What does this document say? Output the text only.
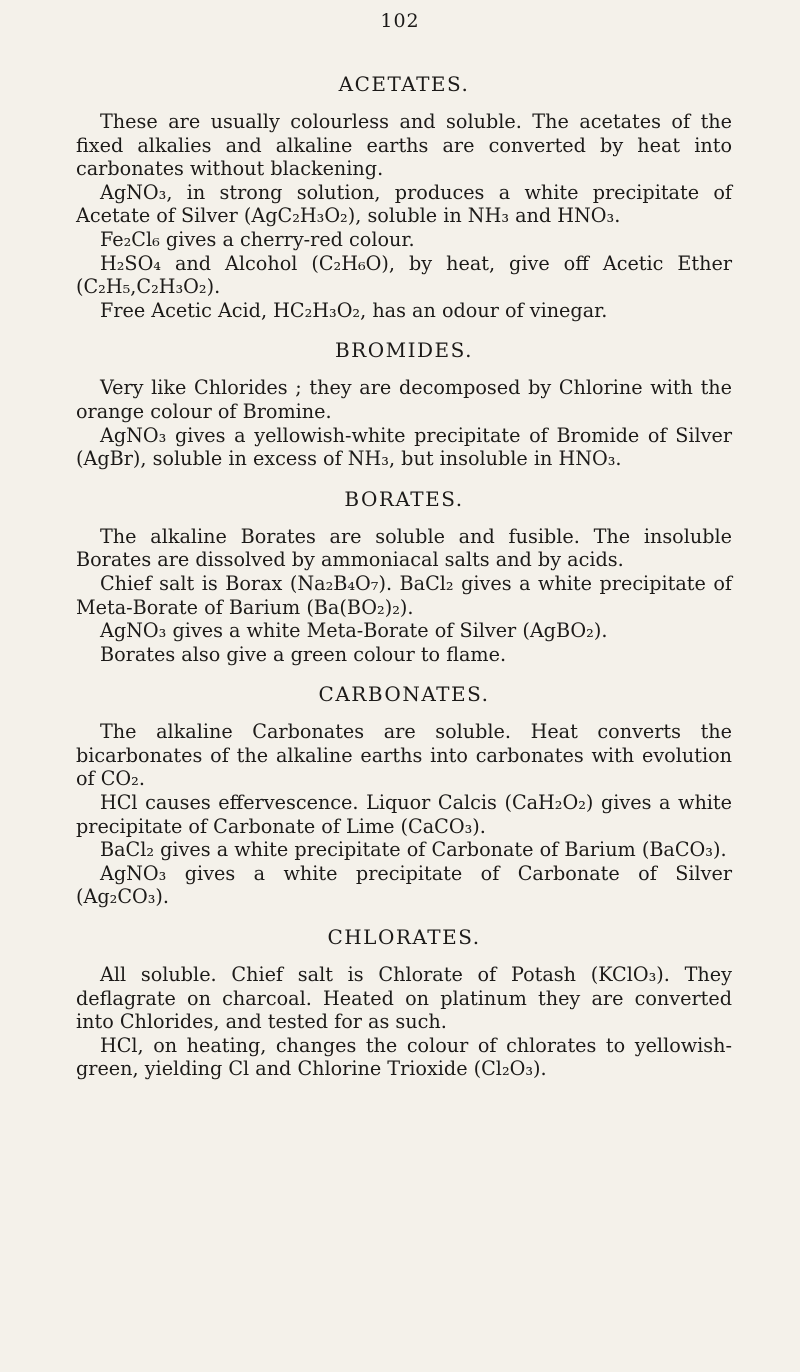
102
ACETATES.

These are usually colourless and soluble. The acetates of the fixed alkalies and alkaline earths are converted by heat into carbonates without blackening.

AgNO₃, in strong solution, produces a white precipitate of Acetate of Silver (AgC₂H₃O₂), soluble in NH₃ and HNO₃.

Fe₂Cl₆ gives a cherry-red colour.

H₂SO₄ and Alcohol (C₂H₆O), by heat, give off Acetic Ether (C₂H₅,C₂H₃O₂).

Free Acetic Acid, HC₂H₃O₂, has an odour of vinegar.

BROMIDES.

Very like Chlorides ; they are decomposed by Chlorine with the orange colour of Bromine.

AgNO₃ gives a yellowish-white precipitate of Bromide of Silver (AgBr), soluble in excess of NH₃, but insoluble in HNO₃.

BORATES.

The alkaline Borates are soluble and fusible. The insoluble Borates are dissolved by ammoniacal salts and by acids.

Chief salt is Borax (Na₂B₄O₇). BaCl₂ gives a white precipitate of Meta-Borate of Barium (Ba(BO₂)₂).

AgNO₃ gives a white Meta-Borate of Silver (AgBO₂).

Borates also give a green colour to flame.

CARBONATES.

The alkaline Carbonates are soluble. Heat converts the bicarbonates of the alkaline earths into carbonates with evolution of CO₂.

HCl causes effervescence. Liquor Calcis (CaH₂O₂) gives a white precipitate of Carbonate of Lime (CaCO₃).

BaCl₂ gives a white precipitate of Carbonate of Barium (BaCO₃).

AgNO₃ gives a white precipitate of Carbonate of Silver (Ag₂CO₃).

CHLORATES.

All soluble. Chief salt is Chlorate of Potash (KClO₃). They deflagrate on charcoal. Heated on platinum they are converted into Chlorides, and tested for as such.

HCl, on heating, changes the colour of chlorates to yellowish-green, yielding Cl and Chlorine Trioxide (Cl₂O₃).
